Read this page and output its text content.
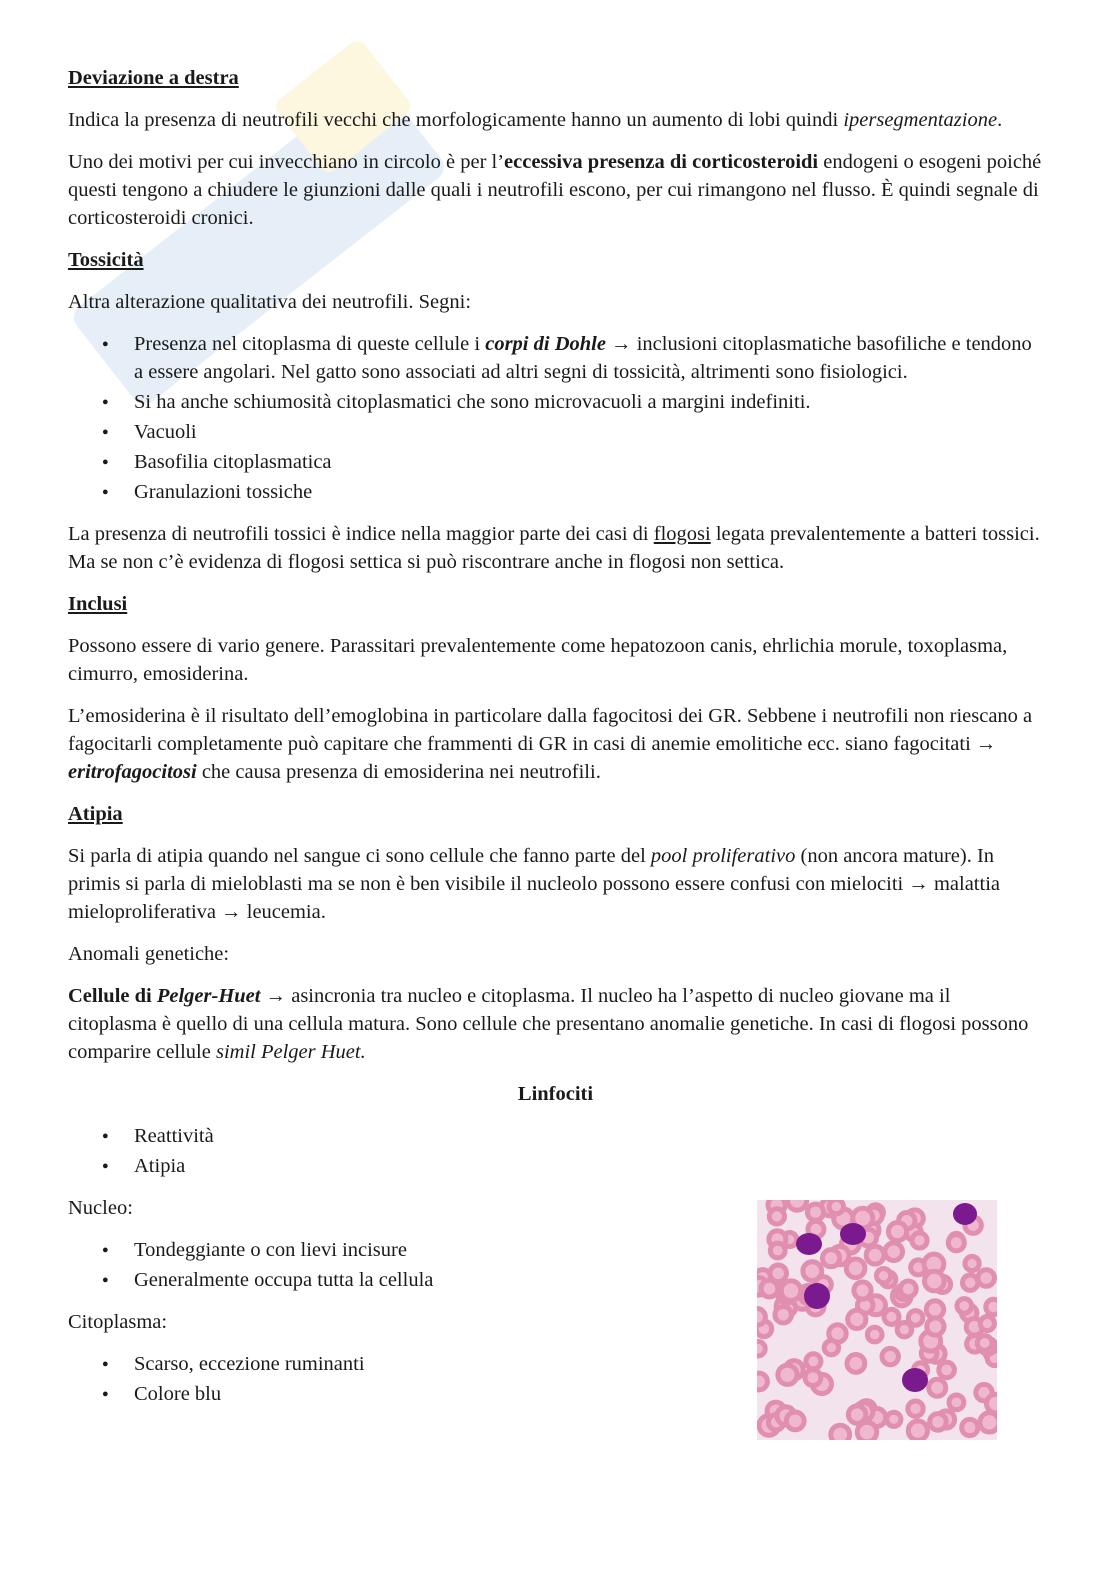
Deviazione a destra

Indica la presenza di neutrofili vecchi che morfologicamente hanno un aumento di lobi quindi ipersegmentazione.

Uno dei motivi per cui invecchiano in circolo è per l’eccessiva presenza di corticosteroidi endogeni o esogeni poiché questi tengono a chiudere le giunzioni dalle quali i neutrofili escono, per cui rimangono nel flusso. È quindi segnale di corticosteroidi cronici.

Tossicità

Altra alterazione qualitativa dei neutrofili. Segni:

● Presenza nel citoplasma di queste cellule i corpi di Dohle → inclusioni citoplasmatiche basofiliche e tendono a essere angolari. Nel gatto sono associati ad altri segni di tossicità, altrimenti sono fisiologici.
● Si ha anche schiumosità citoplasmatici che sono microvacuoli a margini indefiniti.
● Vacuoli
● Basofilia citoplasmatica
● Granulazioni tossiche

La presenza di neutrofili tossici è indice nella maggior parte dei casi di flogosi legata prevalentemente a batteri tossici. Ma se non c’è evidenza di flogosi settica si può riscontrare anche in flogosi non settica.

Inclusi

Possono essere di vario genere. Parassitari prevalentemente come hepatozoon canis, ehrlichia morule, toxoplasma, cimurro, emosiderina.

L’emosiderina è il risultato dell’emoglobina in particolare dalla fagocitosi dei GR. Sebbene i neutrofili non riescano a fagocitarli completamente può capitare che frammenti di GR in casi di anemie emolitiche ecc. siano fagocitati → eritrofagocitosi che causa presenza di emosiderina nei neutrofili.

Atipia

Si parla di atipia quando nel sangue ci sono cellule che fanno parte del pool proliferativo (non ancora mature). In primis si parla di mieloblasti ma se non è ben visibile il nucleolo possono essere confusi con mielociti → malattia mieloproliferativa → leucemia.

Anomali genetiche:

Cellule di Pelger-Huet → asincronia tra nucleo e citoplasma. Il nucleo ha l’aspetto di nucleo giovane ma il citoplasma è quello di una cellula matura. Sono cellule che presentano anomalie genetiche. In casi di flogosi possono comparire cellule simil Pelger Huet.

Linfociti
● Reattività
● Atipia

Nucleo:

● Tondeggiante o con lievi incisure
● Generalmente occupa tutta la cellula

Citoplasma:

● Scarso, eccezione ruminanti
● Colore blu
